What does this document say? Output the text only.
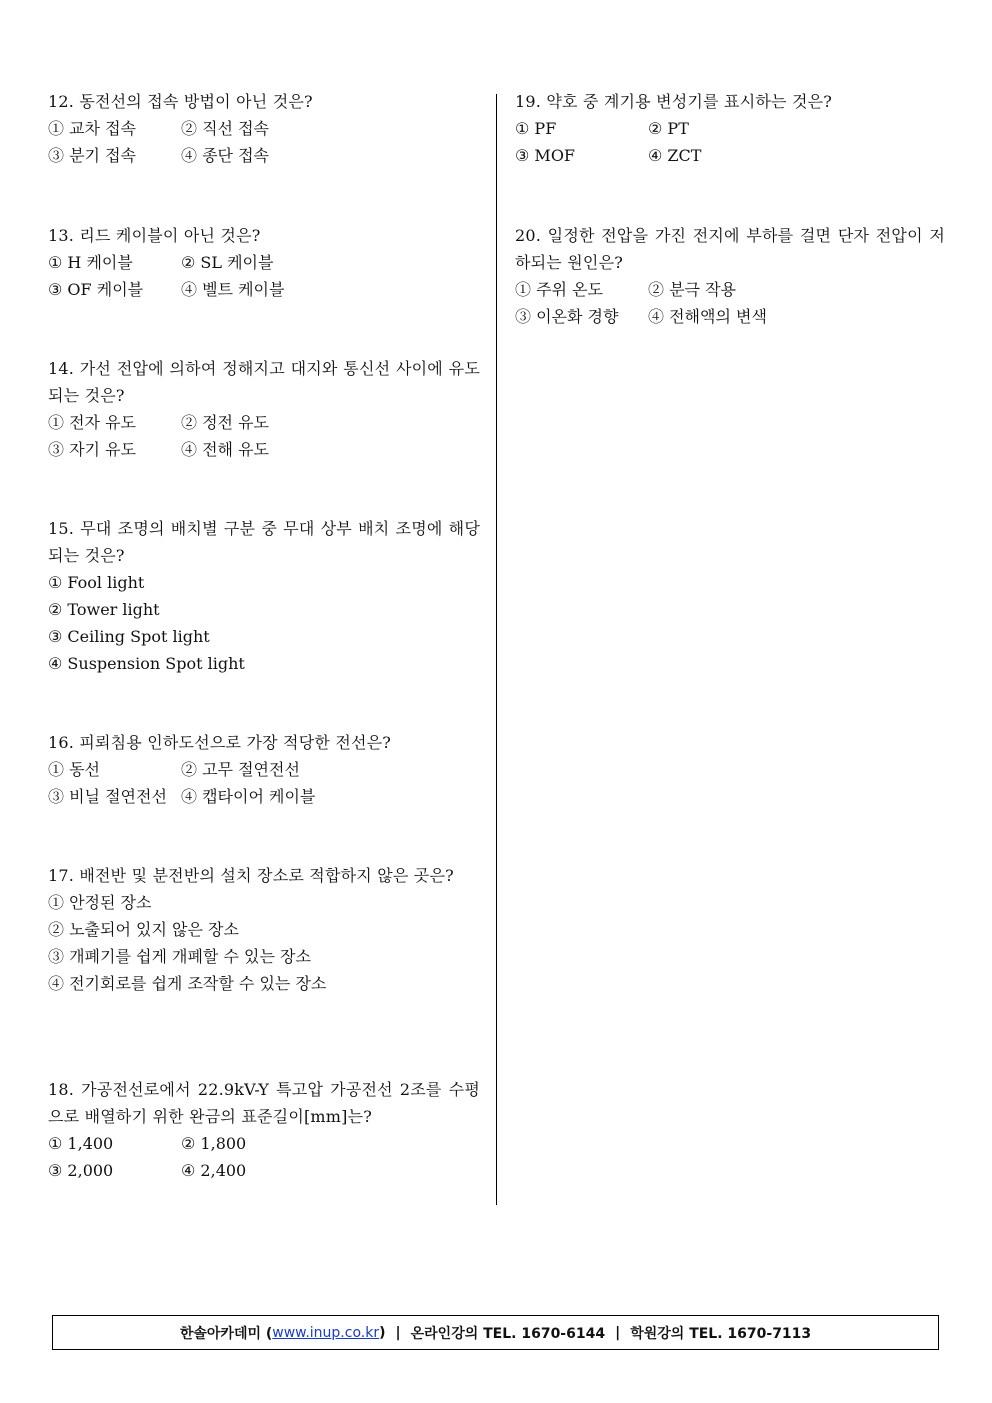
12. 동전선의 접속 방법이 아닌 것은?

① 교차 접속	② 직선 접속
③ 분기 접속	④ 종단 접속

13. 리드 케이블이 아닌 것은?

① H 케이블	② SL 케이블
③ OF 케이블	④ 벨트 케이블

14. 가선 전압에 의하여 정해지고 대지와 통신선 사이에 유도 되는 것은?

① 전자 유도	② 정전 유도
③ 자기 유도	④ 전해 유도

15. 무대 조명의 배치별 구분 중 무대 상부 배치 조명에 해당되는 것은?

① Fool light
② Tower light
③ Ceiling Spot light
④ Suspension Spot light

16. 피뢰침용 인하도선으로 가장 적당한 전선은?

① 동선	② 고무 절연전선
③ 비닐 절연전선 ④ 캡타이어 케이블

17. 배전반 및 분전반의 설치 장소로 적합하지 않은 곳은?

① 안정된 장소
② 노출되어 있지 않은 장소
③ 개폐기를 쉽게 개폐할 수 있는 장소
④ 전기회로를 쉽게 조작할 수 있는 장소

18. 가공전선로에서 22.9kV-Y 특고압 가공전선 2조를 수평으로 배열하기 위한 완금의 표준길이[mm]는?

① 1,400	② 1,800
③ 2,000	④ 2,400

19. 약호 중 계기용 변성기를 표시하는 것은?

① PF	② PT
③ MOF	④ ZCT

20. 일정한 전압을 가진 전지에 부하를 걸면 단자 전압이 저하되는 원인은?

① 주위 온도	② 분극 작용
③ 이온화 경향	④ 전해액의 변색
한솔아카데미 ( www.inup.co.kr ) | 온라인강의 TEL. 1670-6144 | 학원강의 TEL. 1670-7113
